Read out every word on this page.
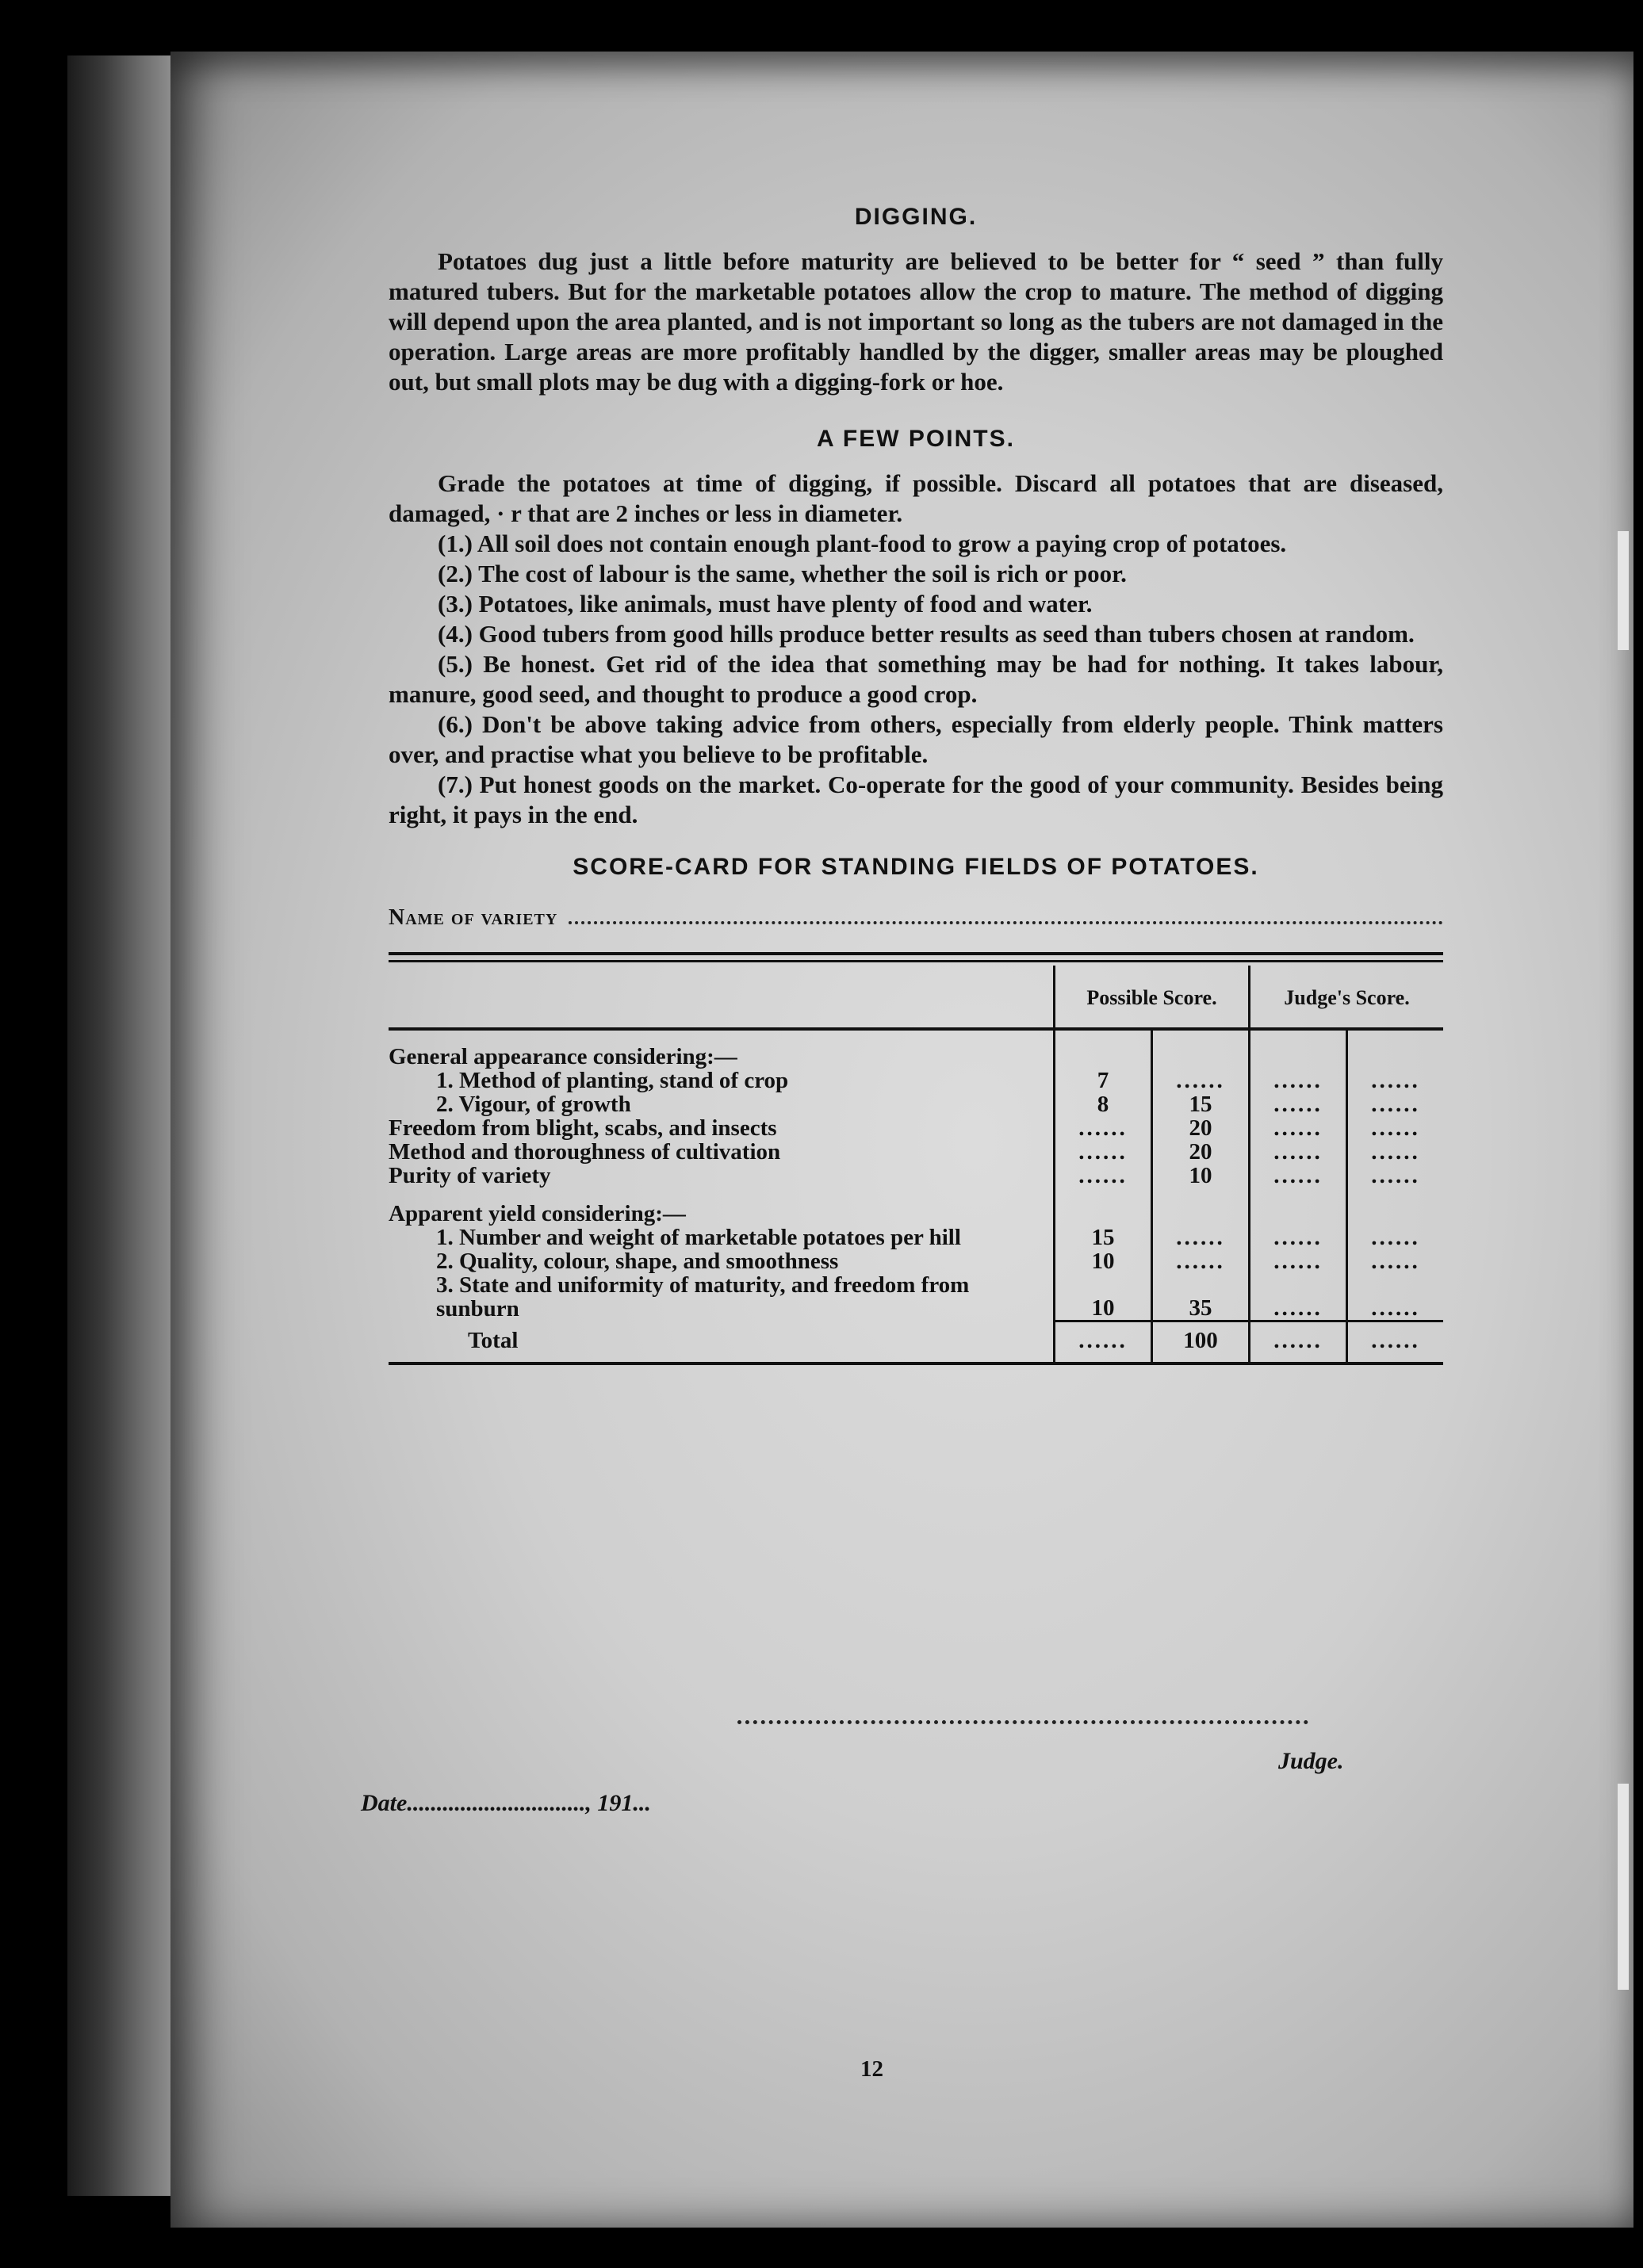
DIGGING.

Potatoes dug just a little before maturity are believed to be better for “ seed ” than fully matured tubers. But for the marketable potatoes allow the crop to mature. The method of digging will depend upon the area planted, and is not important so long as the tubers are not damaged in the operation. Large areas are more profitably handled by the digger, smaller areas may be ploughed out, but small plots may be dug with a digging-fork or hoe.

A FEW POINTS.

Grade the potatoes at time of digging, if possible. Discard all potatoes that are diseased, damaged, · r that are 2 inches or less in diameter.

(1.) All soil does not contain enough plant-food to grow a paying crop of potatoes.

(2.) The cost of labour is the same, whether the soil is rich or poor.

(3.) Potatoes, like animals, must have plenty of food and water.

(4.) Good tubers from good hills produce better results as seed than tubers chosen at random.

(5.) Be honest. Get rid of the idea that something may be had for nothing. It takes labour, manure, good seed, and thought to produce a good crop.

(6.) Don't be above taking advice from others, especially from elderly people. Think matters over, and practise what you believe to be profitable.

(7.) Put honest goods on the market. Co-operate for the good of your community. Besides being right, it pays in the end.

SCORE-CARD FOR STANDING FIELDS OF POTATOES.
Name of variety
	Possible Score.		Judge's Score.	
General appearance considering:—				
1. Method of planting, stand of crop	7	......	......	......
2. Vigour, of growth	8	15	......	......
Freedom from blight, scabs, and insects	......	20	......	......
Method and thoroughness of cultivation	......	20	......	......
Purity of variety	......	10	......	......
Apparent yield considering:—				
1. Number and weight of marketable potatoes per hill	15	......	......	......
2. Quality, colour, shape, and smoothness	10	......	......	......
3. State and uniformity of maturity, and freedom from sunburn	10	35	......	......
Total	......	100	......	......

Judge.
Date.............................., 191...
12
